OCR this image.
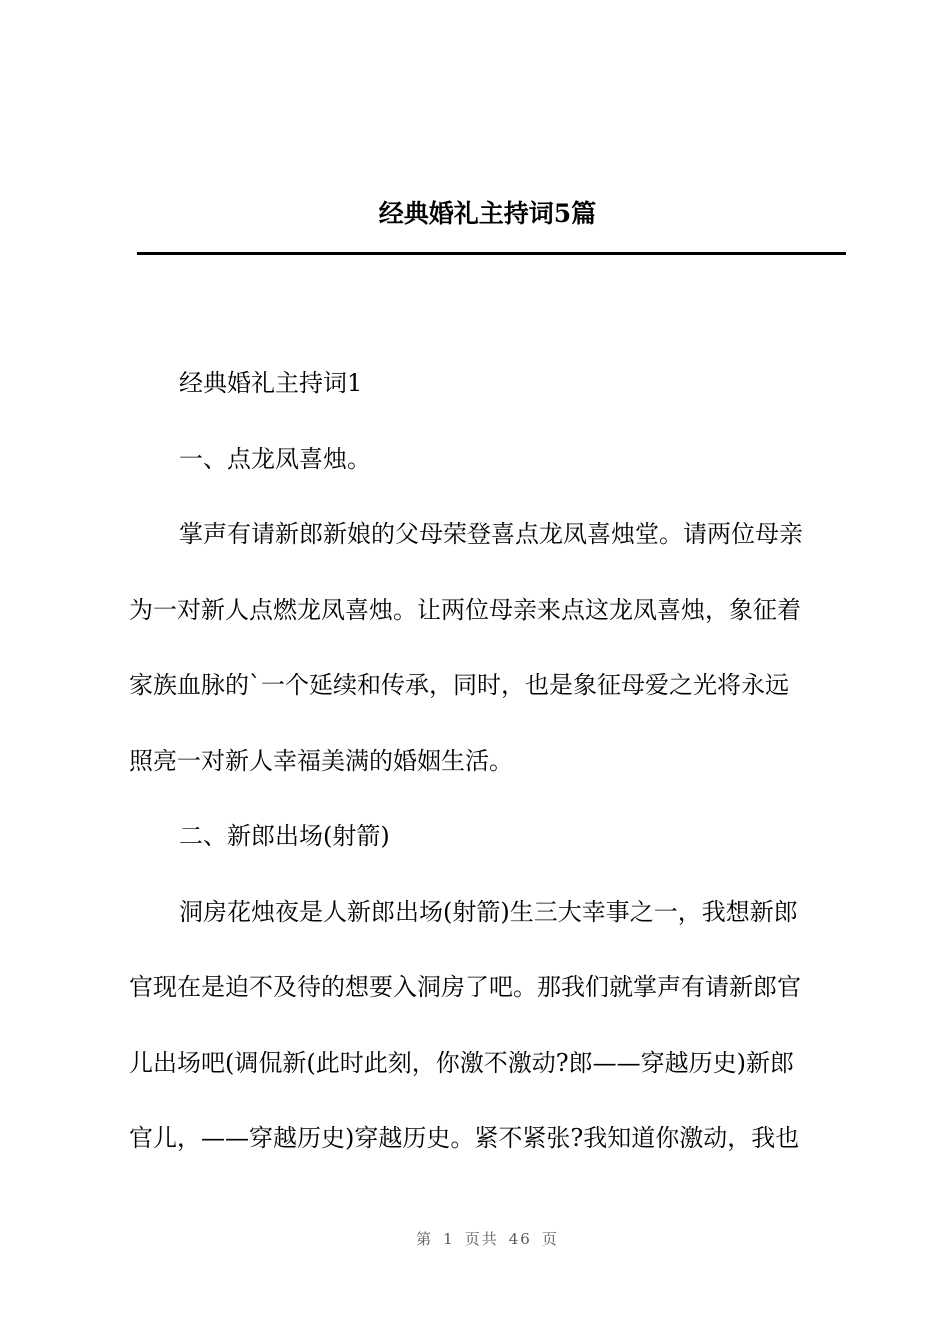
经典婚礼主持词5篇

经典婚礼主持词1

一、点龙凤喜烛。

掌声有请新郎新娘的父母荣登喜点龙凤喜烛堂。请两位母亲
为一对新人点燃龙凤喜烛。让两位母亲来点这龙凤喜烛，象征着
家族血脉的`一个延续和传承，同时，也是象征母爱之光将永远
照亮一对新人幸福美满的婚姻生活。

二、新郎出场(射箭)

洞房花烛夜是人新郎出场(射箭)生三大幸事之一，我想新郎
官现在是迫不及待的想要入洞房了吧。那我们就掌声有请新郎官
儿出场吧(调侃新(此时此刻，你激不激动?郎——穿越历史)新郎
官儿，——穿越历史)穿越历史。紧不紧张?我知道你激动，我也
第 1 页共 46 页
